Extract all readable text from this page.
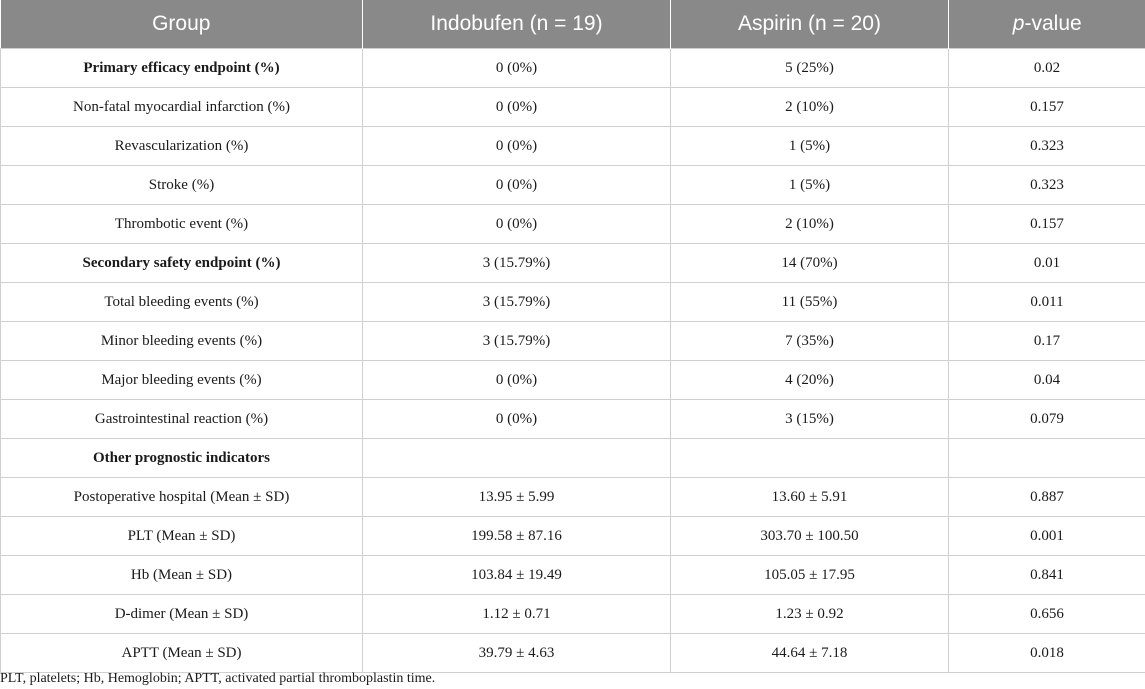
Group	Indobufen (n = 19)	Aspirin (n = 20)	p-value
Primary efficacy endpoint (%)	0 (0%)	5 (25%)	0.02
Non-fatal myocardial infarction (%)	0 (0%)	2 (10%)	0.157
Revascularization (%)	0 (0%)	1 (5%)	0.323
Stroke (%)	0 (0%)	1 (5%)	0.323
Thrombotic event (%)	0 (0%)	2 (10%)	0.157
Secondary safety endpoint (%)	3 (15.79%)	14 (70%)	0.01
Total bleeding events (%)	3 (15.79%)	11 (55%)	0.011
Minor bleeding events (%)	3 (15.79%)	7 (35%)	0.17
Major bleeding events (%)	0 (0%)	4 (20%)	0.04
Gastrointestinal reaction (%)	0 (0%)	3 (15%)	0.079
Other prognostic indicators			
Postoperative hospital (Mean ± SD)	13.95 ± 5.99	13.60 ± 5.91	0.887
PLT (Mean ± SD)	199.58 ± 87.16	303.70 ± 100.50	0.001
Hb (Mean ± SD)	103.84 ± 19.49	105.05 ± 17.95	0.841
D-dimer (Mean ± SD)	1.12 ± 0.71	1.23 ± 0.92	0.656
APTT (Mean ± SD)	39.79 ± 4.63	44.64 ± 7.18	0.018
PLT, platelets; Hb, Hemoglobin; APTT, activated partial thromboplastin time.
